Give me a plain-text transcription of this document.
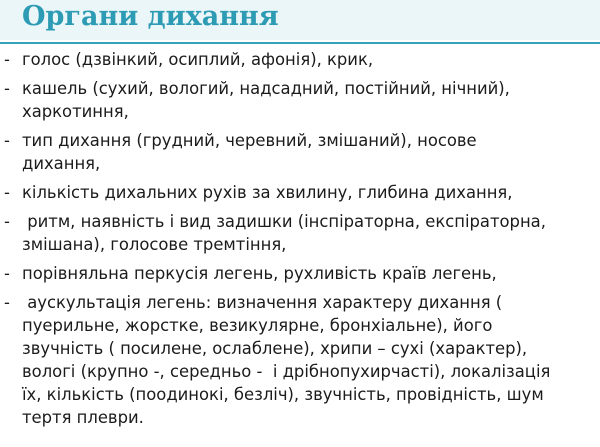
Органи дихання
- голос (дзвінкий, осиплий, афонія), крик,
- кашель (сухий, вологий, надсадний, постійний, нічний),
харкотиння,
- тип дихання (грудний, черевний, змішаний), носове
дихання,
- кількість дихальних рухів за хвилину, глибина дихання,
- ритм, наявність і вид задишки (інспіраторна, експіраторна,
змішана), голосове тремтіння,
- порівняльна перкусія легень, рухливість країв легень,
- аускультація легень: визначення характеру дихання (
пуерильне, жорстке, везикулярне, бронхіальне), його
звучність ( посилене, ослаблене), хрипи – сухі (характер),
вологі (крупно -, середньо -  і дрібнопухирчасті), локалізація
їх, кількість (поодинокі, безліч), звучність, провідність, шум
тертя плеври.
